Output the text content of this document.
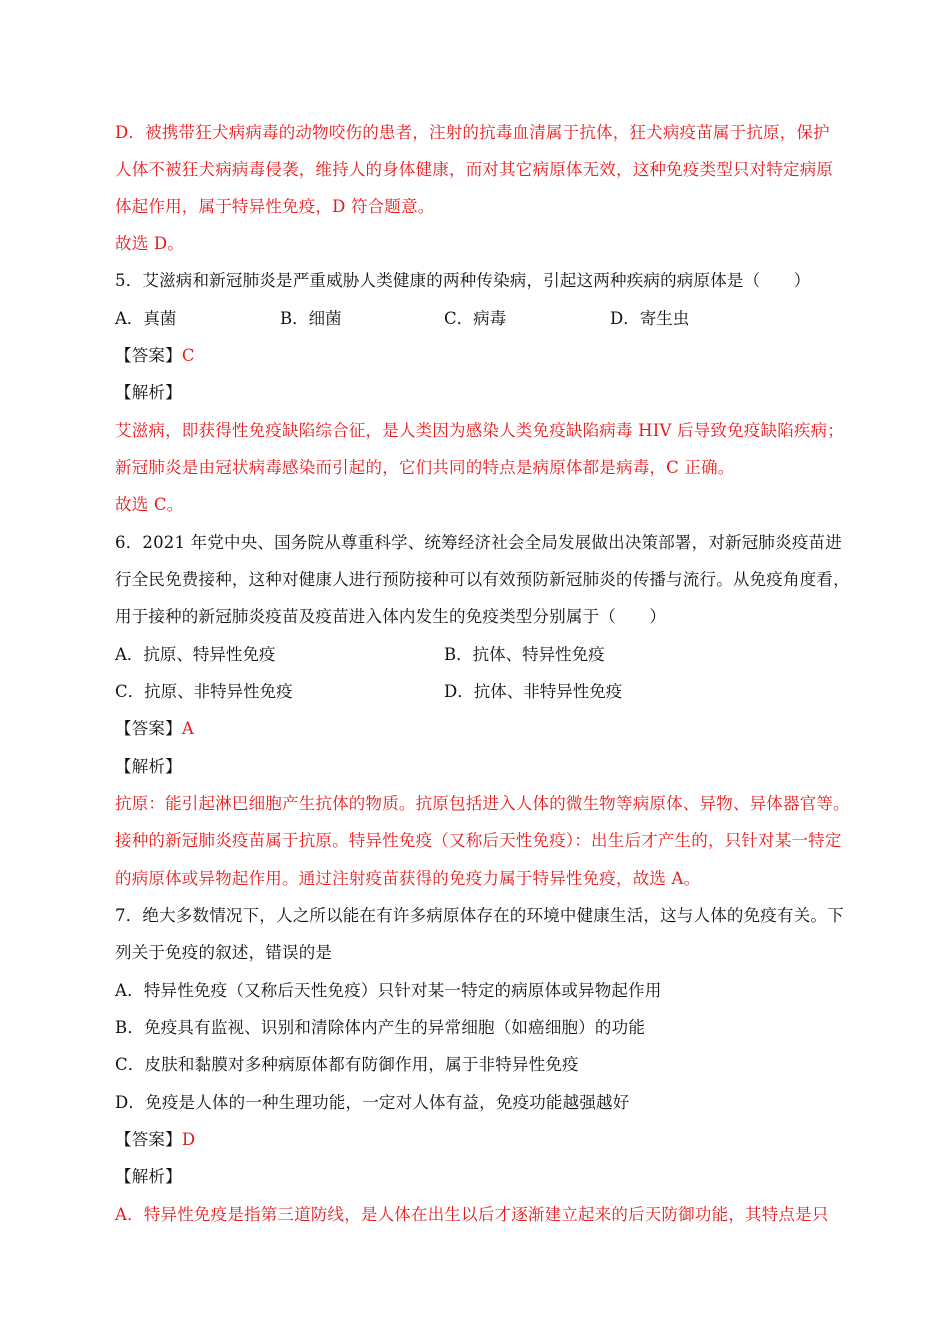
D．被携带狂犬病病毒的动物咬伤的患者，注射的抗毒血清属于抗体，狂犬病疫苗属于抗原，保护
人体不被狂犬病病毒侵袭，维持人的身体健康，而对其它病原体无效，这种免疫类型只对特定病原
体起作用，属于特异性免疫，D 符合题意。
故选 D。
5．艾滋病和新冠肺炎是严重威胁人类健康的两种传染病，引起这两种疾病的病原体是（　　）
A．真菌	B．细菌	C．病毒	D．寄生虫
【答案】C
【解析】
艾滋病，即获得性免疫缺陷综合征，是人类因为感染人类免疫缺陷病毒 HIV 后导致免疫缺陷疾病；
新冠肺炎是由冠状病毒感染而引起的，它们共同的特点是病原体都是病毒，C 正确。
故选 C。
6．2021 年党中央、国务院从尊重科学、统筹经济社会全局发展做出决策部署，对新冠肺炎疫苗进
行全民免费接种，这种对健康人进行预防接种可以有效预防新冠肺炎的传播与流行。从免疫角度看，
用于接种的新冠肺炎疫苗及疫苗进入体内发生的免疫类型分别属于（　　）
A．抗原、特异性免疫	B．抗体、特异性免疫
C．抗原、非特异性免疫	D．抗体、非特异性免疫
【答案】A
【解析】
抗原：能引起淋巴细胞产生抗体的物质。抗原包括进入人体的微生物等病原体、异物、异体器官等。
接种的新冠肺炎疫苗属于抗原。特异性免疫（又称后天性免疫）：出生后才产生的，只针对某一特定
的病原体或异物起作用。通过注射疫苗获得的免疫力属于特异性免疫，故选 A。
7．绝大多数情况下，人之所以能在有许多病原体存在的环境中健康生活，这与人体的免疫有关。下
列关于免疫的叙述，错误的是
A．特异性免疫（又称后天性免疫）只针对某一特定的病原体或异物起作用
B．免疫具有监视、识别和清除体内产生的异常细胞（如癌细胞）的功能
C．皮肤和黏膜对多种病原体都有防御作用，属于非特异性免疫
D．免疫是人体的一种生理功能，一定对人体有益，免疫功能越强越好
【答案】D
【解析】
A．特异性免疫是指第三道防线，是人体在出生以后才逐渐建立起来的后天防御功能，其特点是只
